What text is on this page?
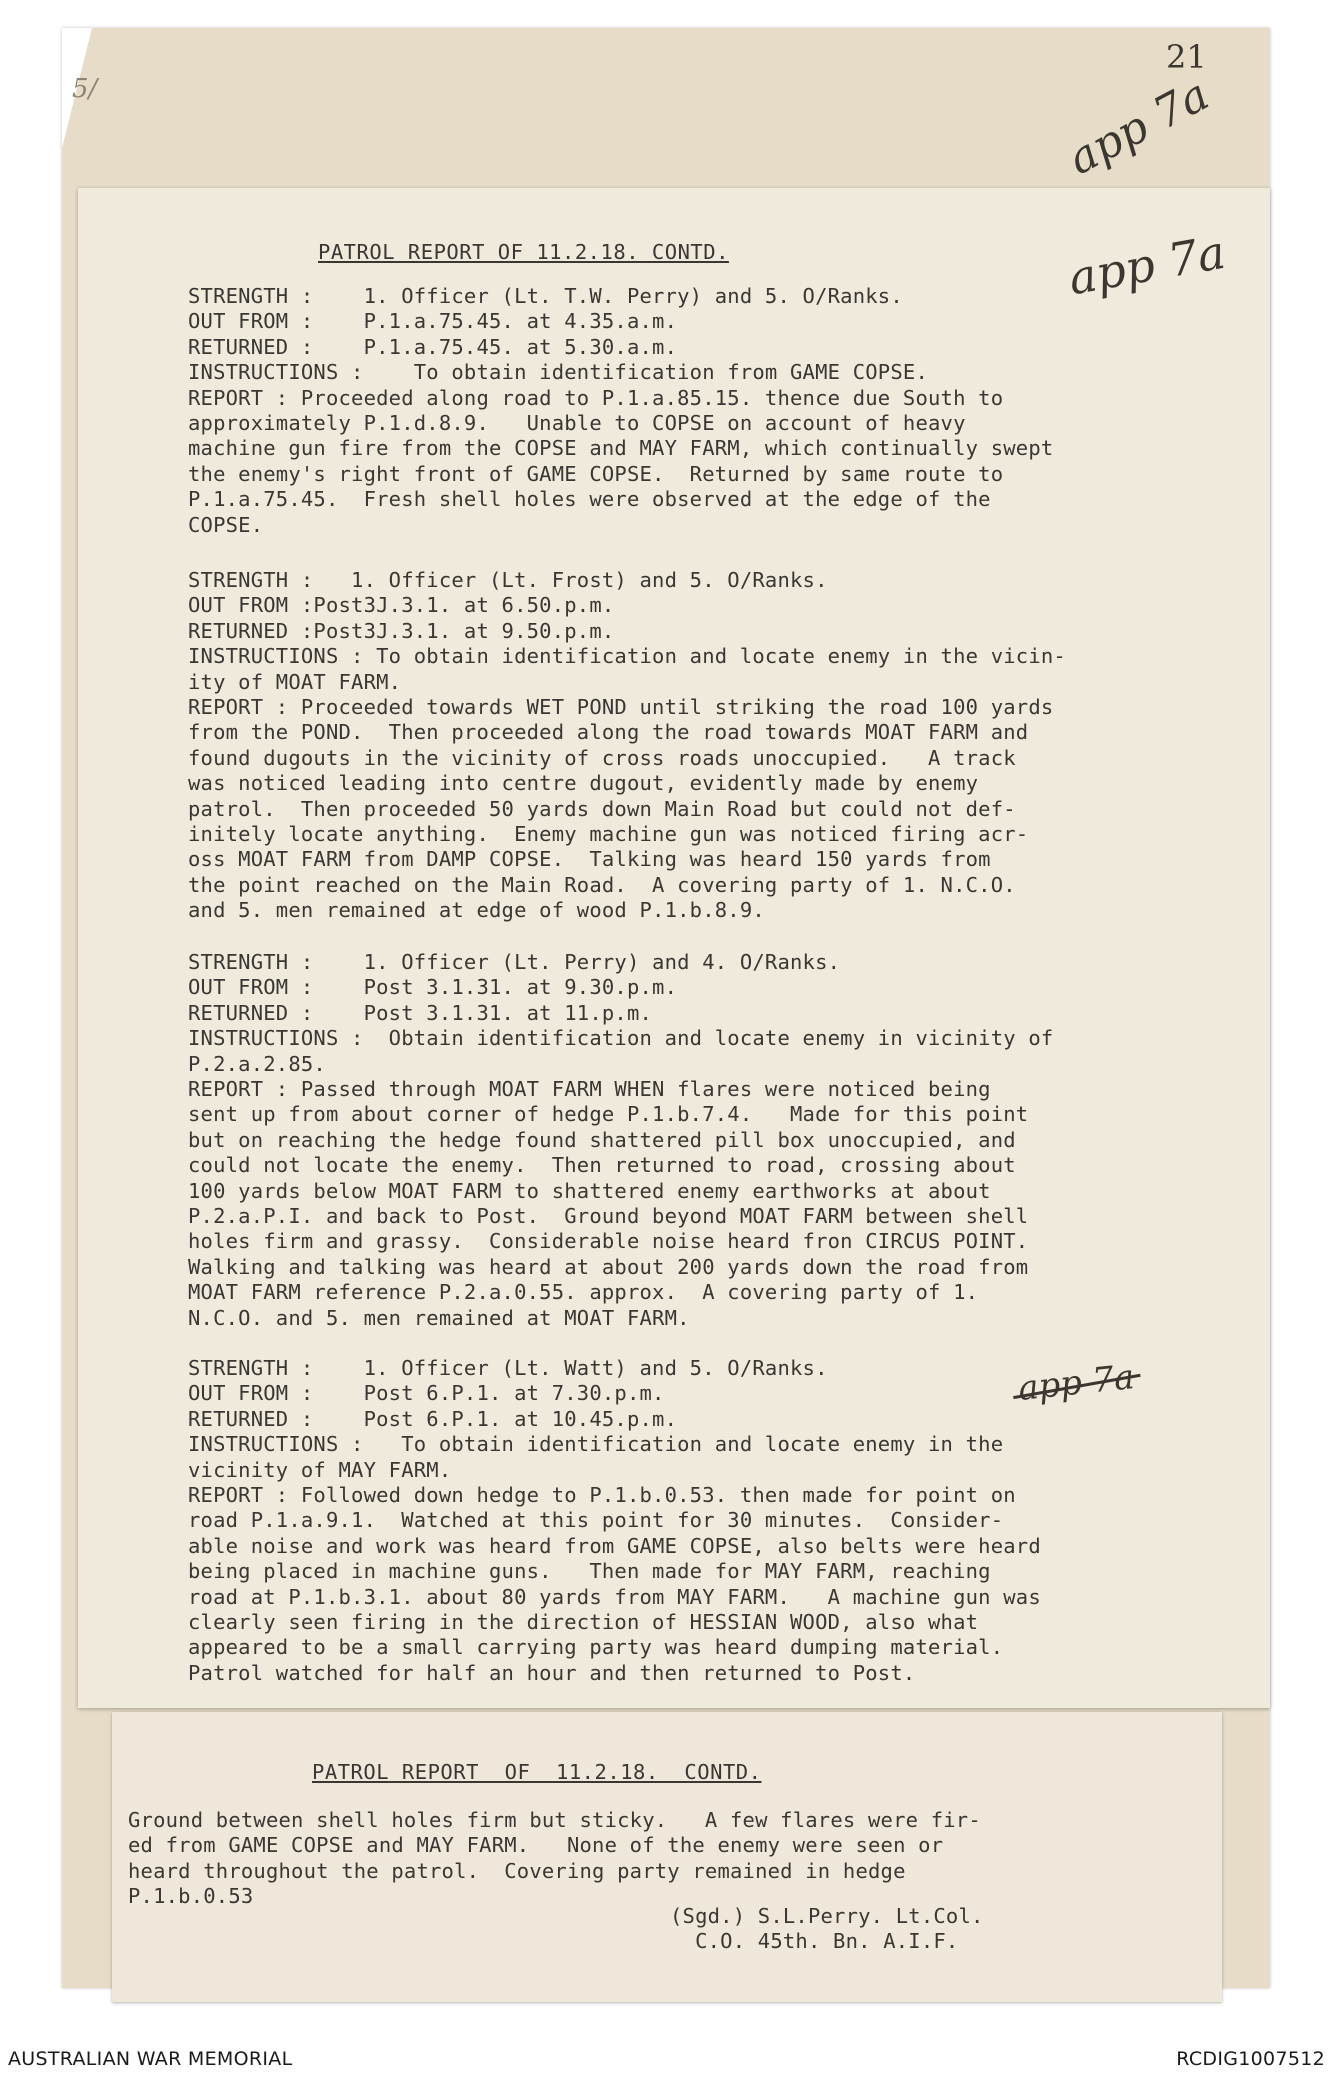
21
5/	app 7a
app 7a

PATROL REPORT OF 11.2.18. CONTD.

STRENGTH :    1. Officer (Lt. T.W. Perry) and 5. O/Ranks.
OUT FROM :    P.1.a.75.45. at 4.35.a.m.
RETURNED :    P.1.a.75.45. at 5.30.a.m.
INSTRUCTIONS :    To obtain identification from GAME COPSE.
REPORT : Proceeded along road to P.1.a.85.15. thence due South to
approximately P.1.d.8.9.   Unable to COPSE on account of heavy
machine gun fire from the COPSE and MAY FARM, which continually swept
the enemy's right front of GAME COPSE.  Returned by same route to
P.1.a.75.45.  Fresh shell holes were observed at the edge of the
COPSE.

STRENGTH :   1. Officer (Lt. Frost) and 5. O/Ranks.
OUT FROM :Post3J.3.1. at 6.50.p.m.
RETURNED :Post3J.3.1. at 9.50.p.m.
INSTRUCTIONS : To obtain identification and locate enemy in the vicin-
ity of MOAT FARM.
REPORT : Proceeded towards WET POND until striking the road 100 yards
from the POND.  Then proceeded along the road towards MOAT FARM and
found dugouts in the vicinity of cross roads unoccupied.   A track
was noticed leading into centre dugout, evidently made by enemy
patrol.  Then proceeded 50 yards down Main Road but could not def-
initely locate anything.  Enemy machine gun was noticed firing acr-
oss MOAT FARM from DAMP COPSE.  Talking was heard 150 yards from
the point reached on the Main Road.  A covering party of 1. N.C.O.
and 5. men remained at edge of wood P.1.b.8.9.

STRENGTH :    1. Officer (Lt. Perry) and 4. O/Ranks.
OUT FROM :    Post 3.1.31. at 9.30.p.m.
RETURNED :    Post 3.1.31. at 11.p.m.
INSTRUCTIONS :  Obtain identification and locate enemy in vicinity of
P.2.a.2.85.
REPORT : Passed through MOAT FARM WHEN flares were noticed being
sent up from about corner of hedge P.1.b.7.4.   Made for this point
but on reaching the hedge found shattered pill box unoccupied, and
could not locate the enemy.  Then returned to road, crossing about
100 yards below MOAT FARM to shattered enemy earthworks at about
P.2.a.P.I. and back to Post.  Ground beyond MOAT FARM between shell
holes firm and grassy.  Considerable noise heard fron CIRCUS POINT.
Walking and talking was heard at about 200 yards down the road from
MOAT FARM reference P.2.a.0.55. approx.  A covering party of 1.
N.C.O. and 5. men remained at MOAT FARM.

STRENGTH :    1. Officer (Lt. Watt) and 5. O/Ranks.
OUT FROM :    Post 6.P.1. at 7.30.p.m.
RETURNED :    Post 6.P.1. at 10.45.p.m.
INSTRUCTIONS :   To obtain identification and locate enemy in the
vicinity of MAY FARM.
REPORT : Followed down hedge to P.1.b.0.53. then made for point on
road P.1.a.9.1.  Watched at this point for 30 minutes.  Consider-
able noise and work was heard from GAME COPSE, also belts were heard
being placed in machine guns.   Then made for MAY FARM, reaching
road at P.1.b.3.1. about 80 yards from MAY FARM.   A machine gun was
clearly seen firing in the direction of HESSIAN WOOD, also what
appeared to be a small carrying party was heard dumping material.
Patrol watched for half an hour and then returned to Post.

app 7a

PATROL REPORT  OF  11.2.18.  CONTD.

Ground between shell holes firm but sticky.   A few flares were fir-
ed from GAME COPSE and MAY FARM.   None of the enemy were seen or
heard throughout the patrol.  Covering party remained in hedge
P.1.b.0.53

(Sgd.) S.L.Perry. Lt.Col.
C.O. 45th. Bn. A.I.F.
AUSTRALIAN WAR MEMORIAL	RCDIG1007512
